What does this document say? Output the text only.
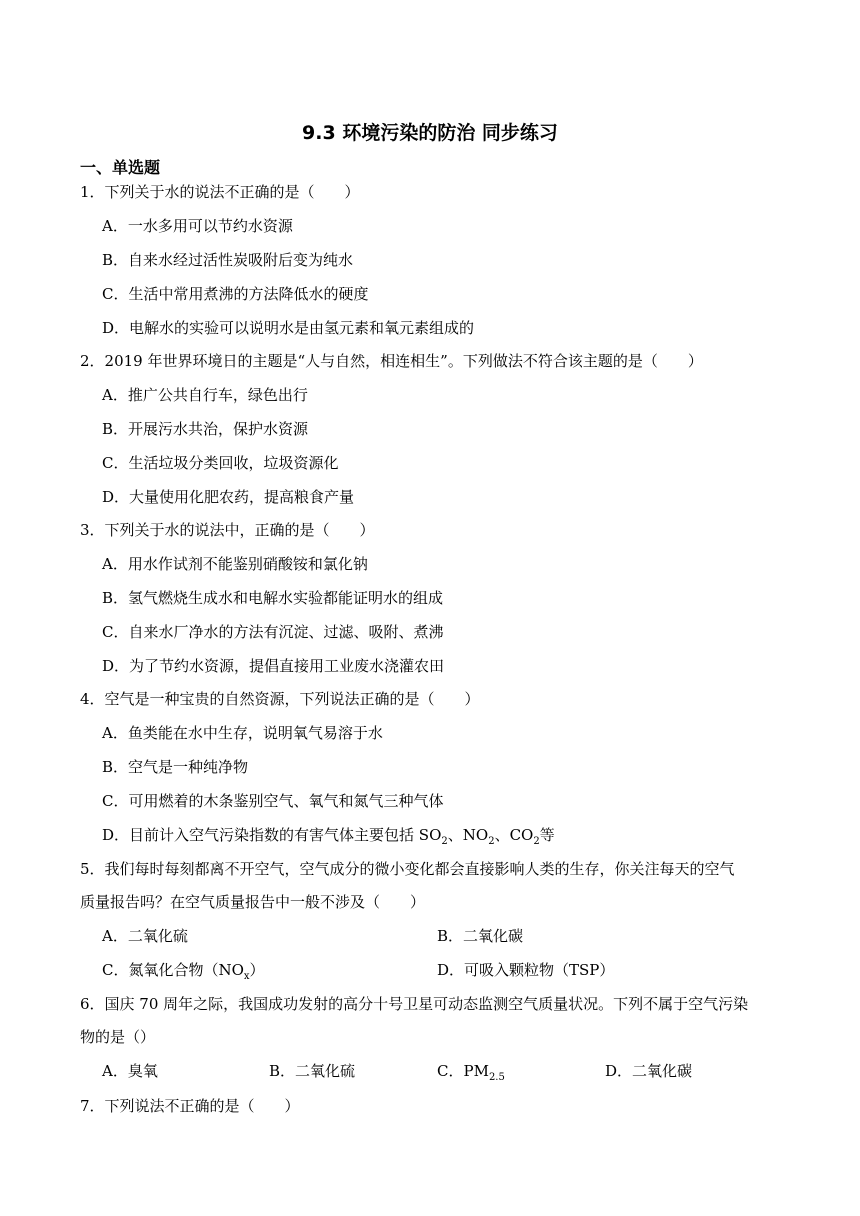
9.3 环境污染的防治 同步练习
一、单选题
1．下列关于水的说法不正确的是（　　）
A．一水多用可以节约水资源
B．自来水经过活性炭吸附后变为纯水
C．生活中常用煮沸的方法降低水的硬度
D．电解水的实验可以说明水是由氢元素和氧元素组成的
2．2019 年世界环境日的主题是“人与自然，相连相生”。下列做法不符合该主题的是（　　）
A．推广公共自行车，绿色出行
B．开展污水共治，保护水资源
C．生活垃圾分类回收，垃圾资源化
D．大量使用化肥农药，提高粮食产量
3．下列关于水的说法中，正确的是（　　）
A．用水作试剂不能鉴别硝酸铵和氯化钠
B．氢气燃烧生成水和电解水实验都能证明水的组成
C．自来水厂净水的方法有沉淀、过滤、吸附、煮沸
D．为了节约水资源，提倡直接用工业废水浇灌农田
4．空气是一种宝贵的自然资源，下列说法正确的是（　　）
A．鱼类能在水中生存，说明氧气易溶于水
B．空气是一种纯净物
C．可用燃着的木条鉴别空气、氧气和氮气三种气体
D．目前计入空气污染指数的有害气体主要包括 $SO_2$、$NO_2$、$CO_2$等
5．我们每时每刻都离不开空气，空气成分的微小变化都会直接影响人类的生存，你关注每天的空气
质量报告吗？在空气质量报告中一般不涉及（　　）
A．二氧化硫	B．二氧化碳
C．氮氧化合物$(NO_x)$	D．可吸入颗粒物（TSP）
6．国庆 70 周年之际，我国成功发射的高分十号卫星可动态监测空气质量状况。下列不属于空气污染
物的是（）
A．臭氧	B．二氧化硫	C．$PM_{2.5}$	D．二氧化碳
7．下列说法不正确的是（　　）
